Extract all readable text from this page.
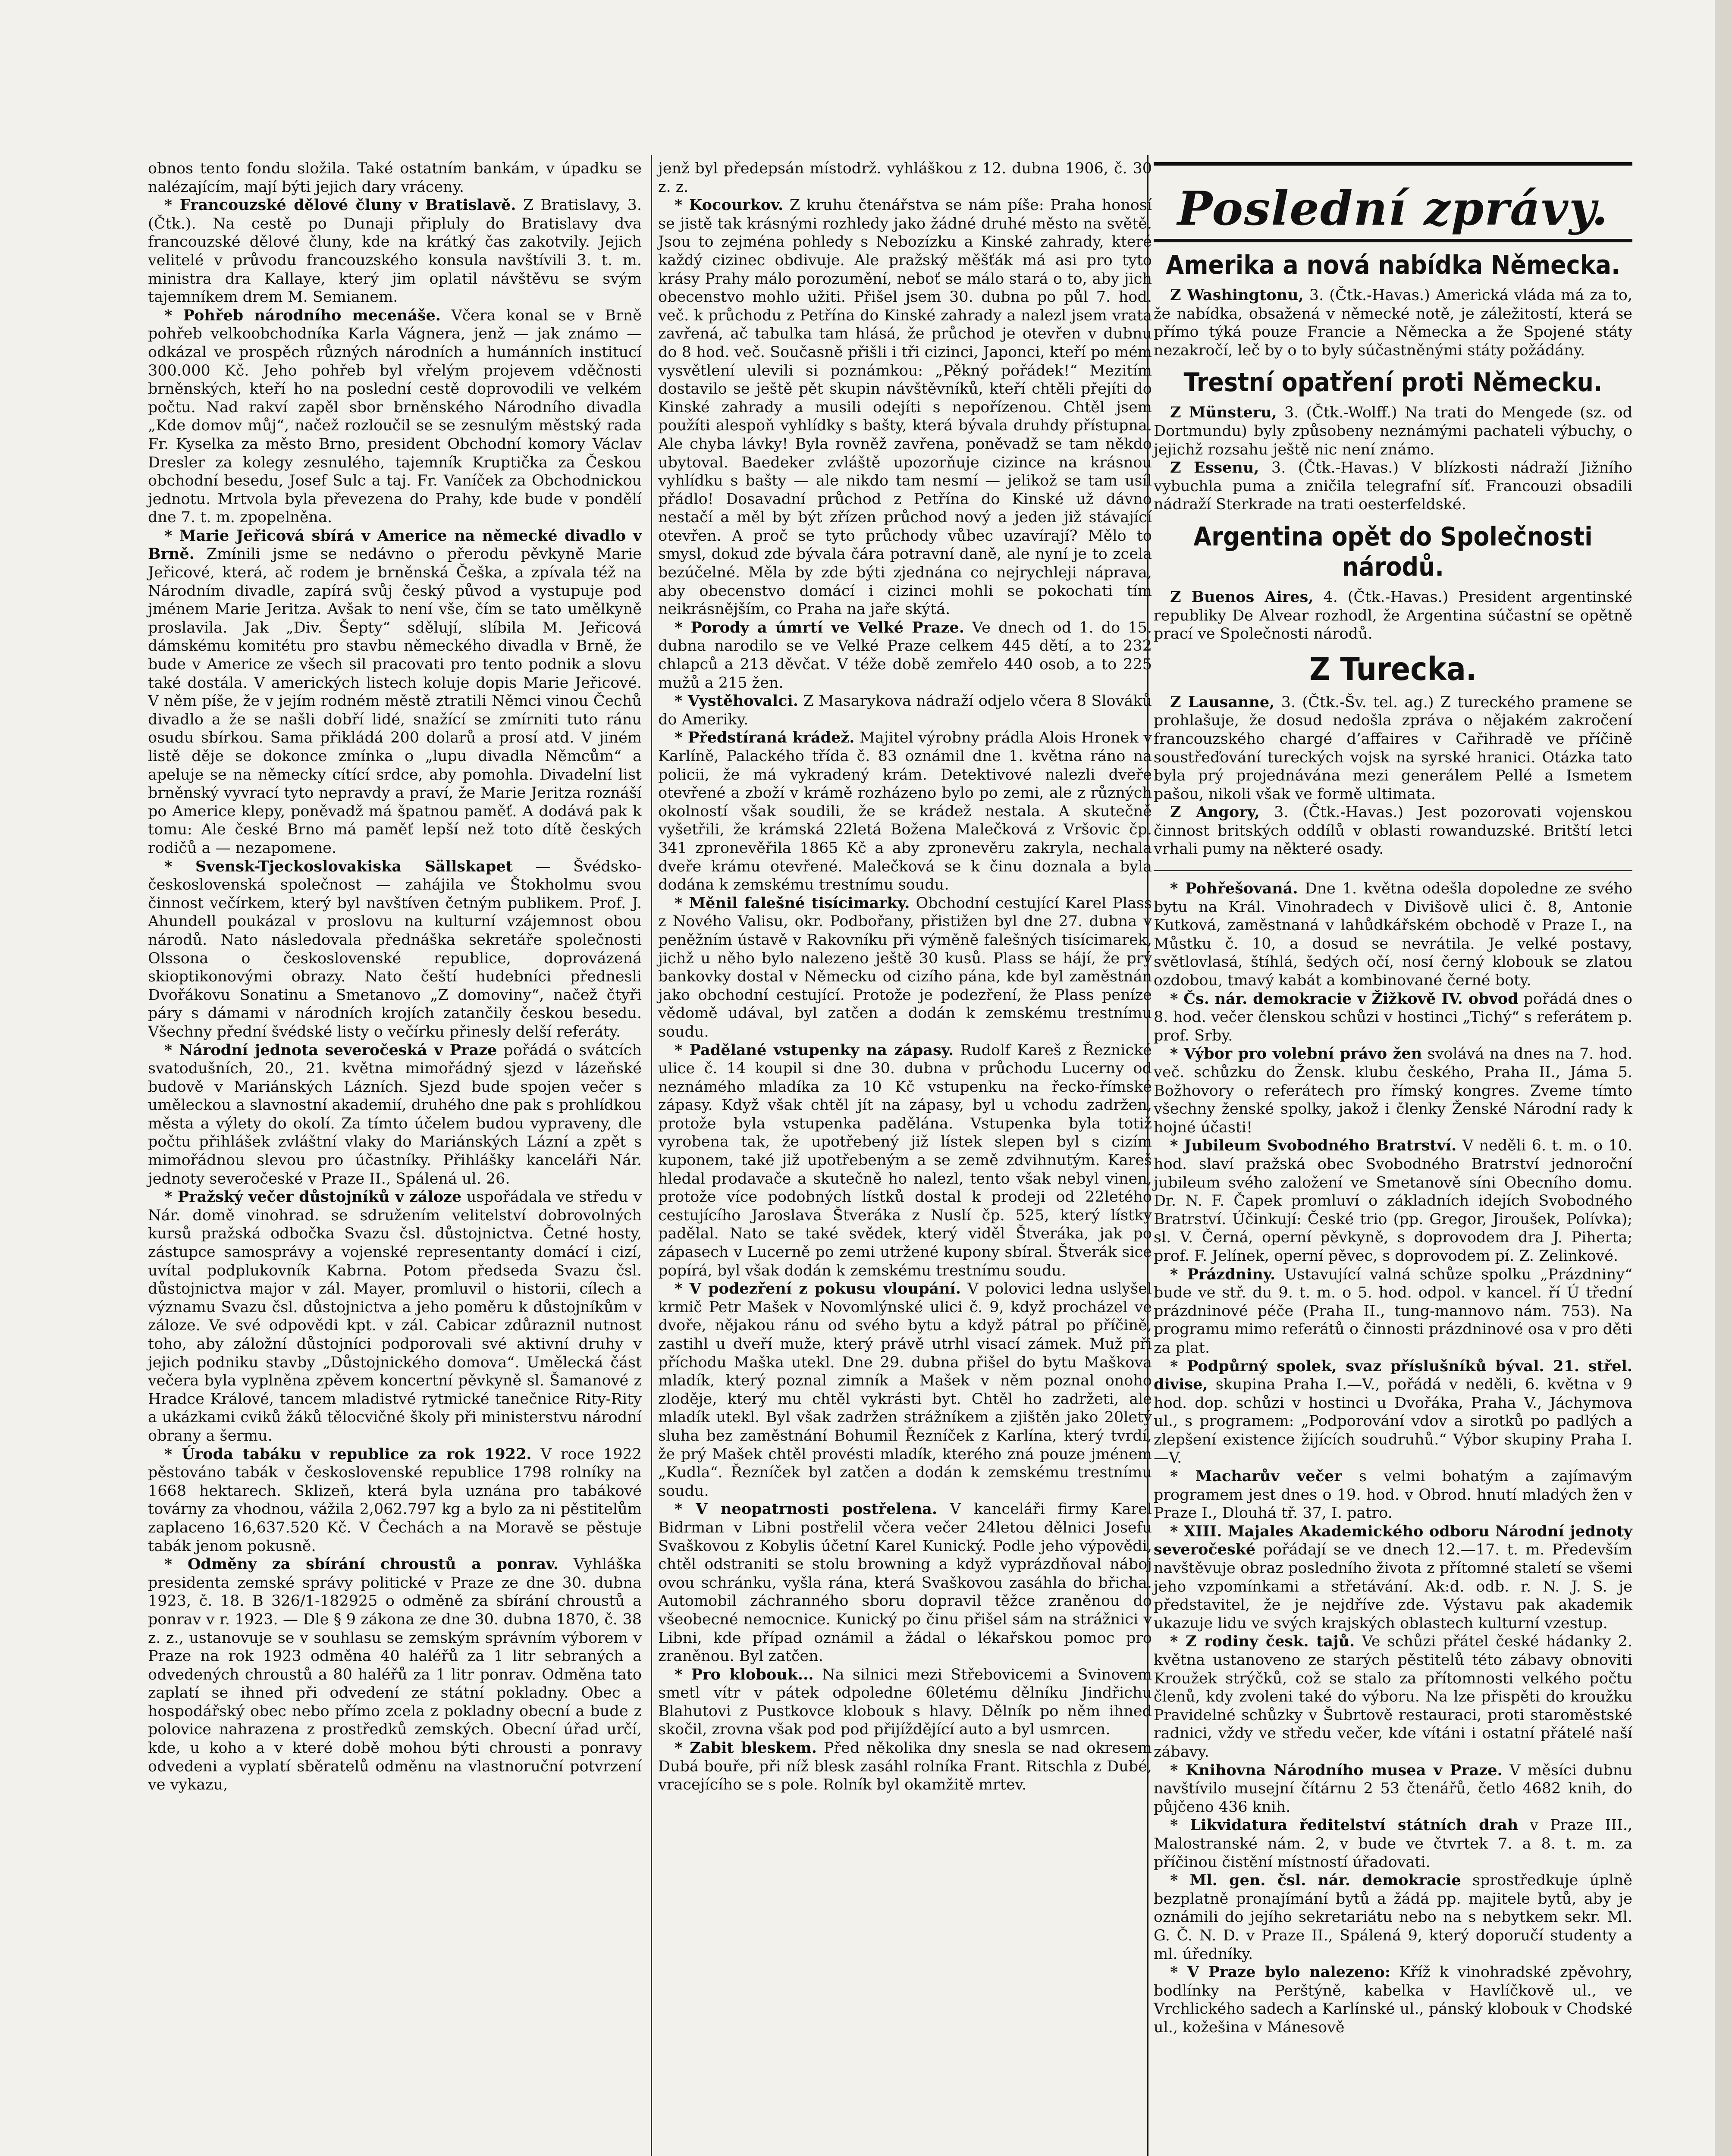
obnos tento fondu složila. Také ostatním bankám, v úpadku se nalézajícím, mají býti jejich dary vráceny.

* Francouzské dělové čluny v Bratislavě. Z Bratislavy, 3. (Čtk.). Na cestě po Dunaji připluly do Bratislavy dva francouzské dělové čluny, kde na krátký čas zakotvily. Jejich velitelé v průvodu francouzského konsula navštívili 3. t. m. ministra dra Kallaye, který jim oplatil návštěvu se svým tajemníkem drem M. Semianem.

* Pohřeb národního mecenáše. Včera konal se v Brně pohřeb velkoobchodníka Karla Vágnera, jenž — jak známo — odkázal ve prospěch různých národních a humánních institucí 300.000 Kč. Jeho pohřeb byl vřelým projevem vděčnosti brněnských, kteří ho na poslední cestě doprovodili ve velkém počtu. Nad rakví zapěl sbor brněnského Národního divadla „Kde domov můj“, načež rozloučil se se zesnulým městský rada Fr. Kyselka za město Brno, president Obchodní komory Václav Dresler za kolegy zesnulého, tajemník Kruptička za Českou obchodní besedu, Josef Sulc a taj. Fr. Vaníček za Obchodnickou jednotu. Mrtvola byla převezena do Prahy, kde bude v pondělí dne 7. t. m. zpopelněna.

* Marie Jeřicová sbírá v Americe na německé divadlo v Brně. Zmínili jsme se nedávno o přerodu pěvkyně Marie Jeřicové, která, ač rodem je brněnská Češka, a zpívala též na Národním divadle, zapírá svůj český původ a vystupuje pod jménem Marie Jeritza. Avšak to není vše, čím se tato umělkyně proslavila. Jak „Div. Šepty“ sdělují, slíbila M. Jeřicová dámskému komitétu pro stavbu německého divadla v Brně, že bude v Americe ze všech sil pracovati pro tento podnik a slovu také dostála. V amerických listech koluje dopis Marie Jeřicové. V něm píše, že v jejím rodném městě ztratili Němci vinou Čechů divadlo a že se našli dobří lidé, snažící se zmírniti tuto ránu osudu sbírkou. Sama přikládá 200 dolarů a prosí atd. V jiném listě děje se dokonce zmínka o „lupu divadla Němcům“ a apeluje se na německy cítící srdce, aby pomohla. Divadelní list brněnský vyvrací tyto nepravdy a praví, že Marie Jeritza roznáší po Americe klepy, poněvadž má špatnou paměť. A dodává pak k tomu: Ale české Brno má paměť lepší než toto dítě českých rodičů a — nezapomene.

* Svensk-Tjeckoslovakiska Sällskapet — Švédsko-československá společnost — zahájila ve Štokholmu svou činnost večírkem, který byl navštíven četným publikem. Prof. J. Ahundell poukázal v proslovu na kulturní vzájemnost obou národů. Nato následovala přednáška sekretáře společnosti Olssona o československé republice, doprovázená skioptikonovými obrazy. Nato čeští hudebníci přednesli Dvořákovu Sonatinu a Smetanovo „Z domoviny“, načež čtyři páry s dámami v národních krojích zatančily českou besedu. Všechny přední švédské listy o večírku přinesly delší referáty.

* Národní jednota severočeská v Praze pořádá o svátcích svatodušních, 20., 21. května mimořádný sjezd v lázeňské budově v Mariánských Lázních. Sjezd bude spojen večer s uměleckou a slavnostní akademií, druhého dne pak s prohlídkou města a výlety do okolí. Za tímto účelem budou vypraveny, dle počtu přihlášek zvláštní vlaky do Mariánských Lázní a zpět s mimořádnou slevou pro účastníky. Přihlášky kanceláři Nár. jednoty severočeské v Praze II., Spálená ul. 26.

* Pražský večer důstojníků v záloze uspořádala ve středu v Nár. domě vinohrad. se sdružením velitelství dobrovolných kursů pražská odbočka Svazu čsl. důstojnictva. Četné hosty, zástupce samosprávy a vojenské representanty domácí i cizí, uvítal podplukovník Kabrna. Potom předseda Svazu čsl. důstojnictva major v zál. Mayer, promluvil o historii, cílech a významu Svazu čsl. důstojnictva a jeho poměru k důstojníkům v záloze. Ve své odpovědi kpt. v zál. Cabicar zdůraznil nutnost toho, aby záložní důstojníci podporovali své aktivní druhy v jejich podniku stavby „Důstojnického domova“. Umělecká část večera byla vyplněna zpěvem koncertní pěvkyně sl. Šamanové z Hradce Králové, tancem mladistvé rytmické tanečnice Rity-Rity a ukázkami cviků žáků tělocvičné školy při ministerstvu národní obrany a šermu.

* Úroda tabáku v republice za rok 1922. V roce 1922 pěstováno tabák v československé republice 1798 rolníky na 1668 hektarech. Sklizeň, která byla uznána pro tabákové továrny za vhodnou, vážila 2,062.797 kg a bylo za ni pěstitelům zaplaceno 16,637.520 Kč. V Čechách a na Moravě se pěstuje tabák jenom pokusně.

* Odměny za sbírání chroustů a ponrav. Vyhláška presidenta zemské správy politické v Praze ze dne 30. dubna 1923, č. 18. B 326/1-182925 o odměně za sbírání chroustů a ponrav v r. 1923. — Dle § 9 zákona ze dne 30. dubna 1870, č. 38 z. z., ustanovuje se v souhlasu se zemským správním výborem v Praze na rok 1923 odměna 40 haléřů za 1 litr sebraných a odvedených chroustů a 80 haléřů za 1 litr ponrav. Odměna tato zaplatí se ihned při odvedení ze státní pokladny. Obec a hospodářský obec nebo přímo zcela z pokladny obecní a bude z polovice nahrazena z prostředků zemských. Obecní úřad určí, kde, u koho a v které době mohou býti chrousti a ponravy odvedeni a vyplatí sběratelů odměnu na vlastnoruční potvrzení ve vykazu,

jenž byl předepsán místodrž. vyhláškou z 12. dubna 1906, č. 30 z. z.

* Kocourkov. Z kruhu čtenářstva se nám píše: Praha honosí se jistě tak krásnými rozhledy jako žádné druhé město na světě. Jsou to zejména pohledy s Nebozízku a Kinské zahrady, které každý cizinec obdivuje. Ale pražský měšťák má asi pro tyto krásy Prahy málo porozumění, neboť se málo stará o to, aby jich obecenstvo mohlo užiti. Přišel jsem 30. dubna po půl 7. hod. več. k průchodu z Petřína do Kinské zahrady a nalezl jsem vrata zavřená, ač tabulka tam hlásá, že průchod je otevřen v dubnu do 8 hod. več. Současně přišli i tři cizinci, Japonci, kteří po mém vysvětlení ulevili si poznámkou: „Pěkný pořádek!“ Mezitím dostavilo se ještě pět skupin návštěvníků, kteří chtěli přejíti do Kinské zahrady a musili odejíti s nepořízenou. Chtěl jsem použíti alespoň vyhlídky s bašty, která bývala druhdy přístupna. Ale chyba lávky! Byla rovněž zavřena, poněvadž se tam někdo ubytoval. Baedeker zvláště upozorňuje cizince na krásnou vyhlídku s bašty — ale nikdo tam nesmí — jelikož se tam usíl přádlo! Dosavadní průchod z Petřína do Kinské už dávno nestačí a měl by být zřízen průchod nový a jeden již stávající otevřen. A proč se tyto průchody vůbec uzavírají? Mělo to smysl, dokud zde bývala čára potravní daně, ale nyní je to zcela bezúčelné. Měla by zde býti zjednána co nejrychleji náprava, aby obecenstvo domácí i cizinci mohli se pokochati tím neikrásnějším, co Praha na jaře skýtá.

* Porody a úmrtí ve Velké Praze. Ve dnech od 1. do 15. dubna narodilo se ve Velké Praze celkem 445 dětí, a to 232 chlapců a 213 děvčat. V téže době zemřelo 440 osob, a to 225 mužů a 215 žen.

* Vystěhovalci. Z Masarykova nádraží odjelo včera 8 Slováků do Ameriky.

* Předstíraná krádež. Majitel výrobny prádla Alois Hronek v Karlíně, Palackého třída č. 83 oznámil dne 1. května ráno na policii, že má vykradený krám. Detektivové nalezli dveře otevřené a zboží v krámě rozházeno bylo po zemi, ale z různých okolností však soudili, že se krádež nestala. A skutečně vyšetřili, že krámská 22letá Božena Malečková z Vršovic čp. 341 zpronevěřila 1865 Kč a aby zpronevěru zakryla, nechala dveře krámu otevřené. Malečková se k činu doznala a byla dodána k zemskému trestnímu soudu.

* Měnil falešné tisícimarky. Obchodní cestující Karel Plass z Nového Valisu, okr. Podbořany, přistižen byl dne 27. dubna v peněžním ústavě v Rakovníku při výměně falešných tisícimarek, jichž u něho bylo nalezeno ještě 30 kusů. Plass se hájí, že prý bankovky dostal v Německu od cizího pána, kde byl zaměstnán jako obchodní cestující. Protože je podezření, že Plass peníze vědomě udával, byl zatčen a dodán k zemskému trestnímu soudu.

* Padělané vstupenky na zápasy. Rudolf Kareš z Řeznické ulice č. 14 koupil si dne 30. dubna v průchodu Lucerny od neznámého mladíka za 10 Kč vstupenku na řecko-římské zápasy. Když však chtěl jít na zápasy, byl u vchodu zadržen, protože byla vstupenka padělána. Vstupenka byla totiž vyrobena tak, že upotřebený již lístek slepen byl s cizím kuponem, také již upotřebeným a se země zdvihnutým. Kareš hledal prodavače a skutečně ho nalezl, tento však nebyl vinen, protože více podobných lístků dostal k prodeji od 22letého cestujícího Jaroslava Štveráka z Nuslí čp. 525, který lístky padělal. Nato se také svědek, který viděl Štveráka, jak po zápasech v Lucerně po zemi utržené kupony sbíral. Štverák sice popírá, byl však dodán k zemskému trestnímu soudu.

* V podezření z pokusu vloupání. V polovici ledna uslyšel krmič Petr Mašek v Novomlýnské ulici č. 9, když procházel ve dvoře, nějakou ránu od svého bytu a když pátral po příčině, zastihl u dveří muže, který právě utrhl visací zámek. Muž při příchodu Maška utekl. Dne 29. dubna přišel do bytu Maškova mladík, který poznal zimník a Mašek v něm poznal onoho zloděje, který mu chtěl vykrásti byt. Chtěl ho zadržeti, ale mladík utekl. Byl však zadržen strážníkem a zjištěn jako 20letý sluha bez zaměstnání Bohumil Řezníček z Karlína, který tvrdí, že prý Mašek chtěl provésti mladík, kterého zná pouze jménem „Kudla“. Řezníček byl zatčen a dodán k zemskému trestnímu soudu.

* V neopatrnosti postřelena. V kanceláři firmy Karel Bidrman v Libni postřelil včera večer 24letou dělnici Josefu Svaškovou z Kobylis účetní Karel Kunický. Podle jeho výpovědi, chtěl odstraniti se stolu browning a když vyprázdňoval náboj ovou schránku, vyšla rána, která Svaškovou zasáhla do břicha. Automobil záchranného sboru dopravil těžce zraněnou do všeobecné nemocnice. Kunický po činu přišel sám na strážnici v Libni, kde případ oznámil a žádal o lékařskou pomoc pro zraněnou. Byl zatčen.

* Pro klobouk... Na silnici mezi Střebovicemi a Svinovem smetl vítr v pátek odpoledne 60letému dělníku Jindřichu Blahutovi z Pustkovce klobouk s hlavy. Dělník po něm ihned skočil, zrovna však pod pod přijíždějící auto a byl usmrcen.

* Zabit bleskem. Před několika dny snesla se nad okresem Dubá bouře, při níž blesk zasáhl rolníka Frant. Ritschla z Dubé, vracejícího se s pole. Rolník byl okamžitě mrtev.

Poslední zprávy.
Amerika a nová nabídka Německa.

Z Washingtonu, 3. (Čtk.-Havas.) Americká vláda má za to, že nabídka, obsažená v německé notě, je záležitostí, která se přímo týká pouze Francie a Německa a že Spojené státy nezakročí, leč by o to byly súčastněnými státy požádány.

Trestní opatření proti Německu.

Z Münsteru, 3. (Čtk.-Wolff.) Na trati do Mengede (sz. od Dortmundu) byly způsobeny neznámými pachateli výbuchy, o jejichž rozsahu ještě nic není známo.

Z Essenu, 3. (Čtk.-Havas.) V blízkosti nádraží Jižního vybuchla puma a zničila telegrafní síť. Francouzi obsadili nádraží Sterkrade na trati oesterfeldské.

Argentina opět do Společnosti národů.

Z Buenos Aires, 4. (Čtk.-Havas.) President argentinské republiky De Alvear rozhodl, že Argentina súčastní se opětně prací ve Společnosti národů.

Z Turecka.

Z Lausanne, 3. (Čtk.-Šv. tel. ag.) Z tureckého pramene se prohlašuje, že dosud nedošla zpráva o nějakém zakročení francouzského chargé d’affaires v Cařihradě ve příčině soustřeďování tureckých vojsk na syrské hranici. Otázka tato byla prý projednávána mezi generálem Pellé a Ismetem pašou, nikoli však ve formě ultimata.

Z Angory, 3. (Čtk.-Havas.) Jest pozorovati vojenskou činnost britských oddílů v oblasti rowanduzské. Britští letci vrhali pumy na některé osady.

* Pohřešovaná. Dne 1. května odešla dopoledne ze svého bytu na Král. Vinohradech v Divišově ulici č. 8, Antonie Kutková, zaměstnaná v lahůdkářském obchodě v Praze I., na Můstku č. 10, a dosud se nevrátila. Je velké postavy, světlovlasá, štíhlá, šedých očí, nosí černý klobouk se zlatou ozdobou, tmavý kabát a kombinované černé boty.

* Čs. nár. demokracie v Žižkově IV. obvod pořádá dnes o 8. hod. večer členskou schůzi v hostinci „Tichý“ s referátem p. prof. Srby.

* Výbor pro volební právo žen svolává na dnes na 7. hod. več. schůzku do Žensk. klubu českého, Praha II., Jáma 5. Božhovory o referátech pro římský kongres. Zveme tímto všechny ženské spolky, jakož i členky Ženské Národní rady k hojné účasti!

* Jubileum Svobodného Bratrství. V neděli 6. t. m. o 10. hod. slaví pražská obec Svobodného Bratrství jednoroční jubileum svého založení ve Smetanově síni Obecního domu. Dr. N. F. Čapek promluví o základních idejích Svobodného Bratrství. Účinkují: České trio (pp. Gregor, Jiroušek, Polívka); sl. V. Černá, operní pěvkyně, s doprovodem dra J. Piherta; prof. F. Jelínek, operní pěvec, s doprovodem pí. Z. Zelinkové.

* Prázdniny. Ustavující valná schůze spolku „Prázdniny“ bude ve stř. du 9. t. m. o 5. hod. odpol. v kancel. ří Ú třední prázdninové péče (Praha II., tung-mannovo nám. 753). Na programu mimo referátů o činnosti prázdninové osa v pro děti za plat.

* Podpůrný spolek, svaz příslušníků býval. 21. střel. divise, skupina Praha I.—V., pořádá v neděli, 6. května v 9 hod. dop. schůzi v hostinci u Dvořáka, Praha V., Jáchymova ul., s programem: „Podporování vdov a sirotků po padlých a zlepšení existence žijících soudruhů.“ Výbor skupiny Praha I.—V.

* Macharův večer s velmi bohatým a zajímavým programem jest dnes o 19. hod. v Obrod. hnutí mladých žen v Praze I., Dlouhá tř. 37, I. patro.

* XIII. Majales Akademického odboru Národní jednoty severočeské pořádají se ve dnech 12.—17. t. m. Především navštěvuje obraz posledního života z přítomné staletí se všemi jeho vzpomínkami a střetávání. Ak:d. odb. r. N. J. S. je představitel, že je nejdříve zde. Výstavu pak akademik ukazuje lidu ve svých krajských oblastech kulturní vzestup.

* Z rodiny česk. tajů. Ve schůzi přátel české hádanky 2. května ustanoveno ze starých pěstitelů této zábavy obnoviti Kroužek strýčků, což se stalo za přítomnosti velkého počtu členů, kdy zvoleni také do výboru. Na lze přispěti do kroužku Pravidelné schůzky v Šubrtově restauraci, proti staroměstské radnici, vždy ve středu večer, kde vítáni i ostatní přátelé naší zábavy.

* Knihovna Národního musea v Praze. V měsíci dubnu navštívilo musejní čítárnu 2 53 čtenářů, četlo 4682 knih, do půjčeno 436 knih.

* Likvidatura ředitelství státních drah v Praze III., Malostranské nám. 2, v bude ve čtvrtek 7. a 8. t. m. za příčinou čistění místností úřadovati.

* Ml. gen. čsl. nár. demokracie sprostředkuje úplně bezplatně pronajímání bytů a žádá pp. majitele bytů, aby je oznámili do jejího sekretariátu nebo na s nebytkem sekr. Ml. G. Č. N. D. v Praze II., Spálená 9, který doporučí studenty a ml. úředníky.

* V Praze bylo nalezeno: Kříž k vinohradské zpěvohry, bodlínky na Perštýně, kabelka v Havlíčkově ul., ve Vrchlického sadech a Karlínské ul., pánský klobouk v Chodské ul., kožešina v Mánesově
